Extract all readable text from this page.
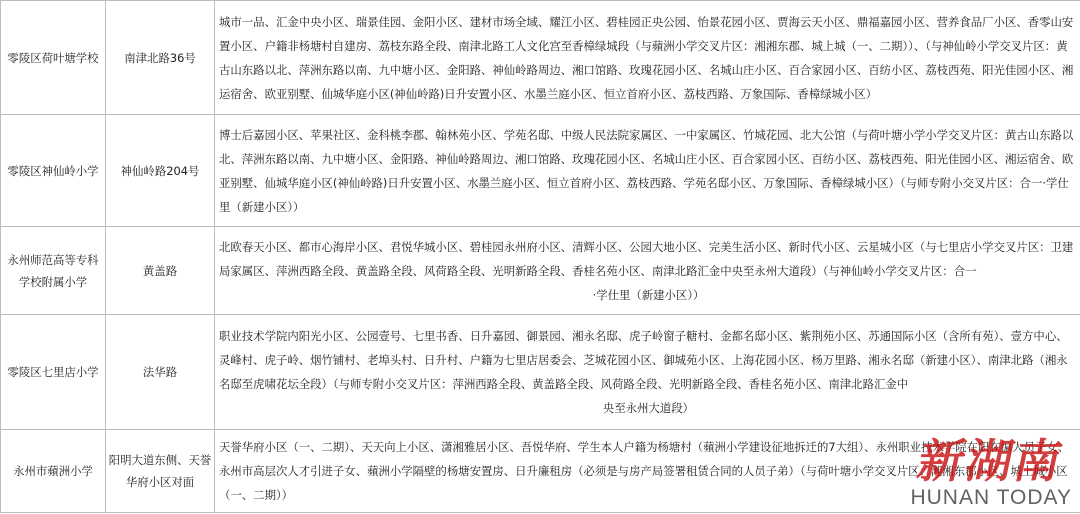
零陵区荷叶塘学校	南津北路36号	城市一品、汇金中央小区、瑞景佳园、金阳小区、建材市场全域、耀江小区、碧桂园正央公园、怡景花园小区、贾海云天小区、鼎福嘉园小区、营养食品厂小区、香零山安置小区、户籍非杨塘村自建房、荔枝东路全段、南津北路工人文化宫至香樟绿城段（与蘋洲小学交叉片区：湘湘东郡、城上城（一、二期））、（与神仙岭小学交叉片区：黄古山东路以北、萍洲东路以南、九中塘小区、金阳路、神仙岭路周边、湘口馆路、玫瑰花园小区、名城山庄小区、百合家园小区、百纺小区、荔枝西苑、阳光佳园小区、湘运宿舍、欧亚别墅、仙城华庭小区(神仙岭路)日升安置小区、水墨兰庭小区、恒立首府小区、荔枝西路、万象国际、香樟绿城小区）
零陵区神仙岭小学	神仙岭路204号	博士后嘉园小区、苹果社区、金科桃李郡、翰林苑小区、学苑名邸、中级人民法院家属区、一中家属区、竹城花园、北大公馆（与荷叶塘小学小学交叉片区：黄古山东路以北、萍洲东路以南、九中塘小区、金阳路、神仙岭路周边、湘口馆路、玫瑰花园小区、名城山庄小区、百合家园小区、百纺小区、荔枝西苑、阳光佳园小区、湘运宿舍、欧亚别墅、仙城华庭小区(神仙岭路)日升安置小区、水墨兰庭小区、恒立首府小区、荔枝西路、学苑名邸小区、万象国际、香樟绿城小区）（与师专附小交叉片区：合一·学仕里（新建小区））
永州师范高等专科学校附属小学	黄盖路	北欧春天小区、都市心海岸小区、君悦华城小区、碧桂园永州府小区、清辉小区、公园大地小区、完美生活小区、新时代小区、云星城小区（与七里店小学交叉片区：卫建局家属区、萍洲西路全段、黄盖路全段、风荷路全段、光明新路全段、香桂名苑小区、南津北路汇金中央至永州大道段）（与神仙岭小学交叉片区：合一
·学仕里（新建小区））

零陵区七里店小学	法华路	职业技术学院内阳光小区、公园壹号、七里书香、日升嘉园、御景园、湘永名邸、虎子岭窗子糖村、金都名邸小区、紫荆苑小区、苏通国际小区（含所有苑）、壹方中心、灵峰村、虎子岭、烟竹铺村、老埠头村、日升村、户籍为七里店居委会、芝城花园小区、御城苑小区、上海花园小区、杨万里路、湘永名邸（新建小区）、南津北路（湘永名邸至虎啸花坛全段）（与师专附小交叉片区：萍洲西路全段、黄盖路全段、风荷路全段、光明新路全段、香桂名苑小区、南津北路汇金中
央至永州大道段）

永州市蘋洲小学	阳明大道东侧、天誉华府小区对面	天誉华府小区（一、二期）、天天向上小区、潇湘雅居小区、吾悦华府、学生本人户籍为杨塘村（蘋洲小学建设征地拆迁的7大组）、永州职业技术学院在职在编人员子女、永州市高层次人才引进子女、蘋洲小学隔壁的杨塘安置房、日升廉租房（必须是与房产局签署租赁合同的人员子弟）（与荷叶塘小学交叉片区：湘湘东郡小区、城上城小区（一、二期））
新湖南
HUNAN TODAY
